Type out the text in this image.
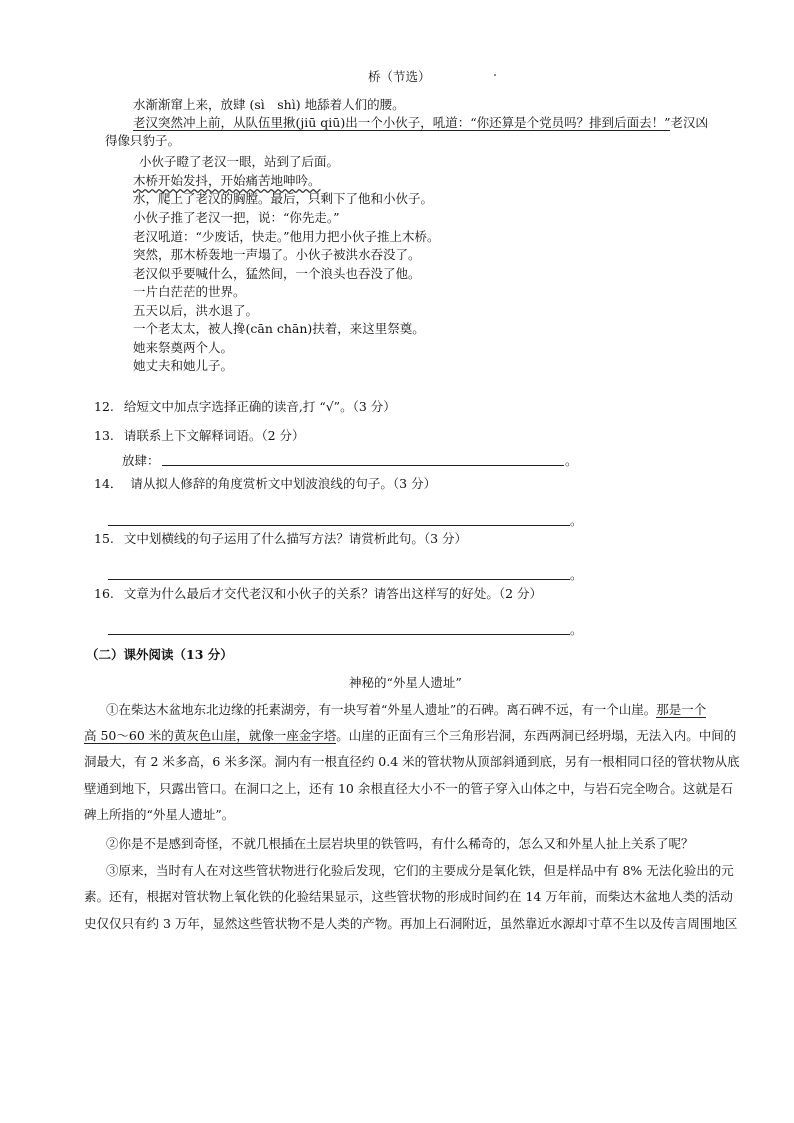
桥（节选）
水渐渐窜上来，放肆 (sì　shì) 地舔着人们的腰。
老汉突然冲上前，从队伍里揪(jiū qiū)出一个小伙子，吼道：“你还算是个党员吗？排到后面去！”老汉凶
得像只豹子。
小伙子瞪了老汉一眼，站到了后面。
木桥开始发抖，开始痛苦地呻吟。
水，爬上了老汉的胸膛。最后，只剩下了他和小伙子。
小伙子推了老汉一把，说：“你先走。”
老汉吼道：“少废话，快走。”他用力把小伙子推上木桥。
突然，那木桥轰地一声塌了。小伙子被洪水吞没了。
老汉似乎要喊什么，猛然间，一个浪头也吞没了他。
一片白茫茫的世界。
五天以后，洪水退了。
一个老太太，被人搀(cān chān)扶着，来这里祭奠。
她来祭奠两个人。
她丈夫和她儿子。
12. 给短文中加点字选择正确的读音,打 “√”。（3 分）
13. 请联系上下文解释词语。（2 分）
放肆：	。
14． 请从拟人修辞的角度赏析文中划波浪线的句子。（3 分）
。
15. 文中划横线的句子运用了什么描写方法？请赏析此句。（3 分）
。
16. 文章为什么最后才交代老汉和小伙子的关系？请答出这样写的好处。（2 分）
。
（二）课外阅读（13 分）
神秘的“外星人遗址”
①在柴达木盆地东北边缘的托素湖旁，有一块写着“外星人遗址”的石碑。离石碑不远，有一个山崖。那是一个
高 50～60 米的黄灰色山崖，就像一座金字塔。山崖的正面有三个三角形岩洞，东西两洞已经坍塌，无法入内。中间的
洞最大，有 2 米多高，6 米多深。洞内有一根直径约 0.4 米的管状物从顶部斜通到底，另有一根相同口径的管状物从底
壁通到地下，只露出管口。在洞口之上，还有 10 余根直径大小不一的管子穿入山体之中，与岩石完全吻合。这就是石
碑上所指的“外星人遗址”。
②你是不是感到奇怪，不就几根插在土层岩块里的铁管吗，有什么稀奇的，怎么又和外星人扯上关系了呢？
③原来，当时有人在对这些管状物进行化验后发现，它们的主要成分是氧化铁，但是样品中有 8% 无法化验出的元
素。还有，根据对管状物上氧化铁的化验结果显示，这些管状物的形成时间约在 14 万年前，而柴达木盆地人类的活动
史仅仅只有约 3 万年，显然这些管状物不是人类的产物。再加上石洞附近，虽然靠近水源却寸草不生以及传言周围地区
